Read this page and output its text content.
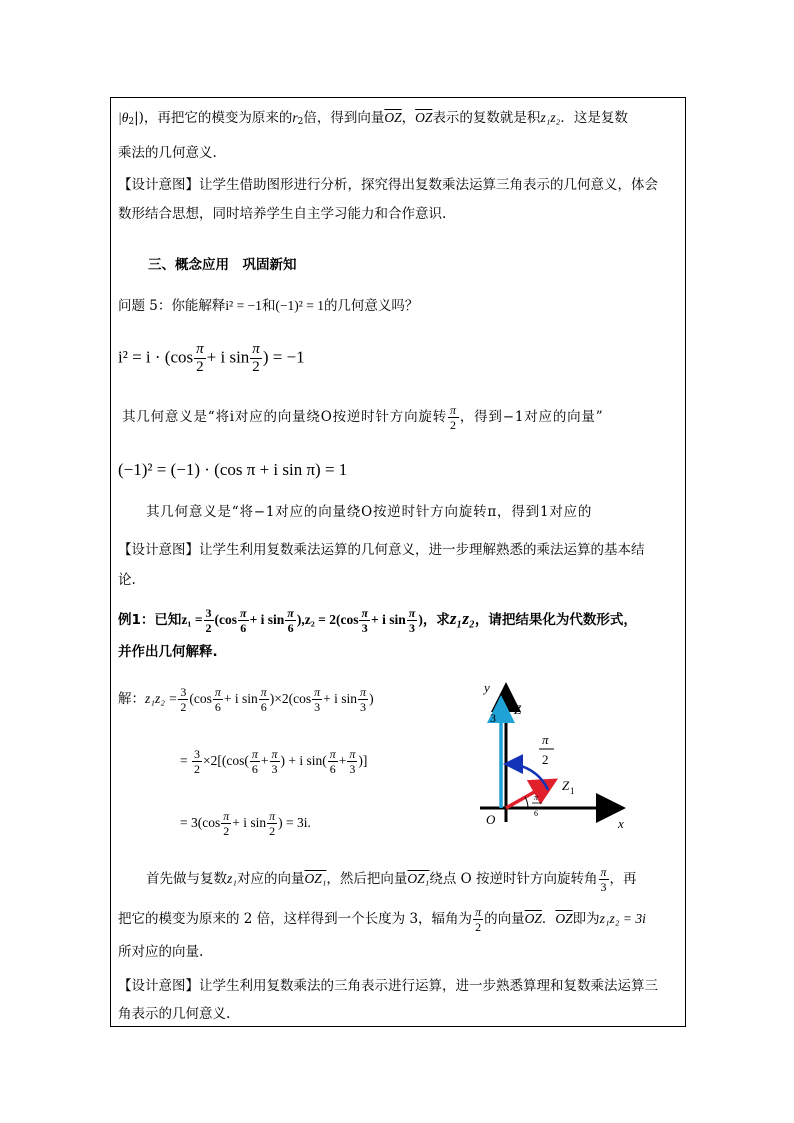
$|\theta_2|$)，再把它的模变为原来的$r_2$倍，得到向量$\overline{OZ}$，$\overline{OZ}$表示的复数就是积z₁z₂．这是复数
乘法的几何意义.
【设计意图】让学生借助图形进行分析，探究得出复数乘法运算三角表示的几何意义，体会
数形结合思想，同时培养学生自主学习能力和合作意识.
三、概念应用　巩固新知
问题 5：你能解释i² = −1和(−1)² = 1的几何意义吗？
$i^2 = i \cdot (\cos \frac{\pi}{2} + i$ $\sin \frac{\pi}{2}$ ) = −1
其几何意义是“将i对应的向量绕O按逆时针方向旋转 $\frac{\pi}{2}$ ，得到−1对应的向量”
(−1)² = (−1) · (cos π + i sin π) = 1
其几何意义是“将−1对应的向量绕O按逆时针方向旋转π，得到1对应的
【设计意图】让学生利用复数乘法运算的几何意义，进一步理解熟悉的乘法运算的基本结
论.
例1：已知$z_1 = \frac{3}{2} (\cos \frac{\pi}{6} + i$ $\sin \frac{\pi}{6} ),z_2 = 2(\cos \frac{\pi}{3} + i$ $\sin \frac{\pi}{3}$ )，求z₁z₂，请把结果化为代数形式，
并作出几何解释.
解：$z_1z_2 = \frac{3}{2} (\cos \frac{\pi}{6} + i$ $\sin \frac{\pi}{6} )\times 2(\cos \frac{\pi}{3} + i$ $\sin \frac{\pi}{3}$ )
= $\frac{3}{2} \times 2[(\cos( \frac{\pi}{6} + \frac{\pi}{3}$ ) + i $\sin( \frac{\pi}{6} + \frac{\pi}{3}$ )]
= $3(\cos \frac{\pi}{2} + i$ $\sin \frac{\pi}{2}$ ) = 3i.
y
x
O
3
Z
Z 1
π
2
π
6
首先做与复数z₁对应的向量OZ₁，然后把向量OZ₁绕点 O 按逆时针方向旋转角 $\frac{\pi}{3}$ ，再
把它的模变为原来的 2 倍，这样得到一个长度为 3，辐角为 $\frac{\pi}{2}$ 的向量$\overline{OZ}$．$\overline{OZ}$即为z₁z₂ = 3i
所对应的向量.
【设计意图】让学生利用复数乘法的三角表示进行运算，进一步熟悉算理和复数乘法运算三
角表示的几何意义.
